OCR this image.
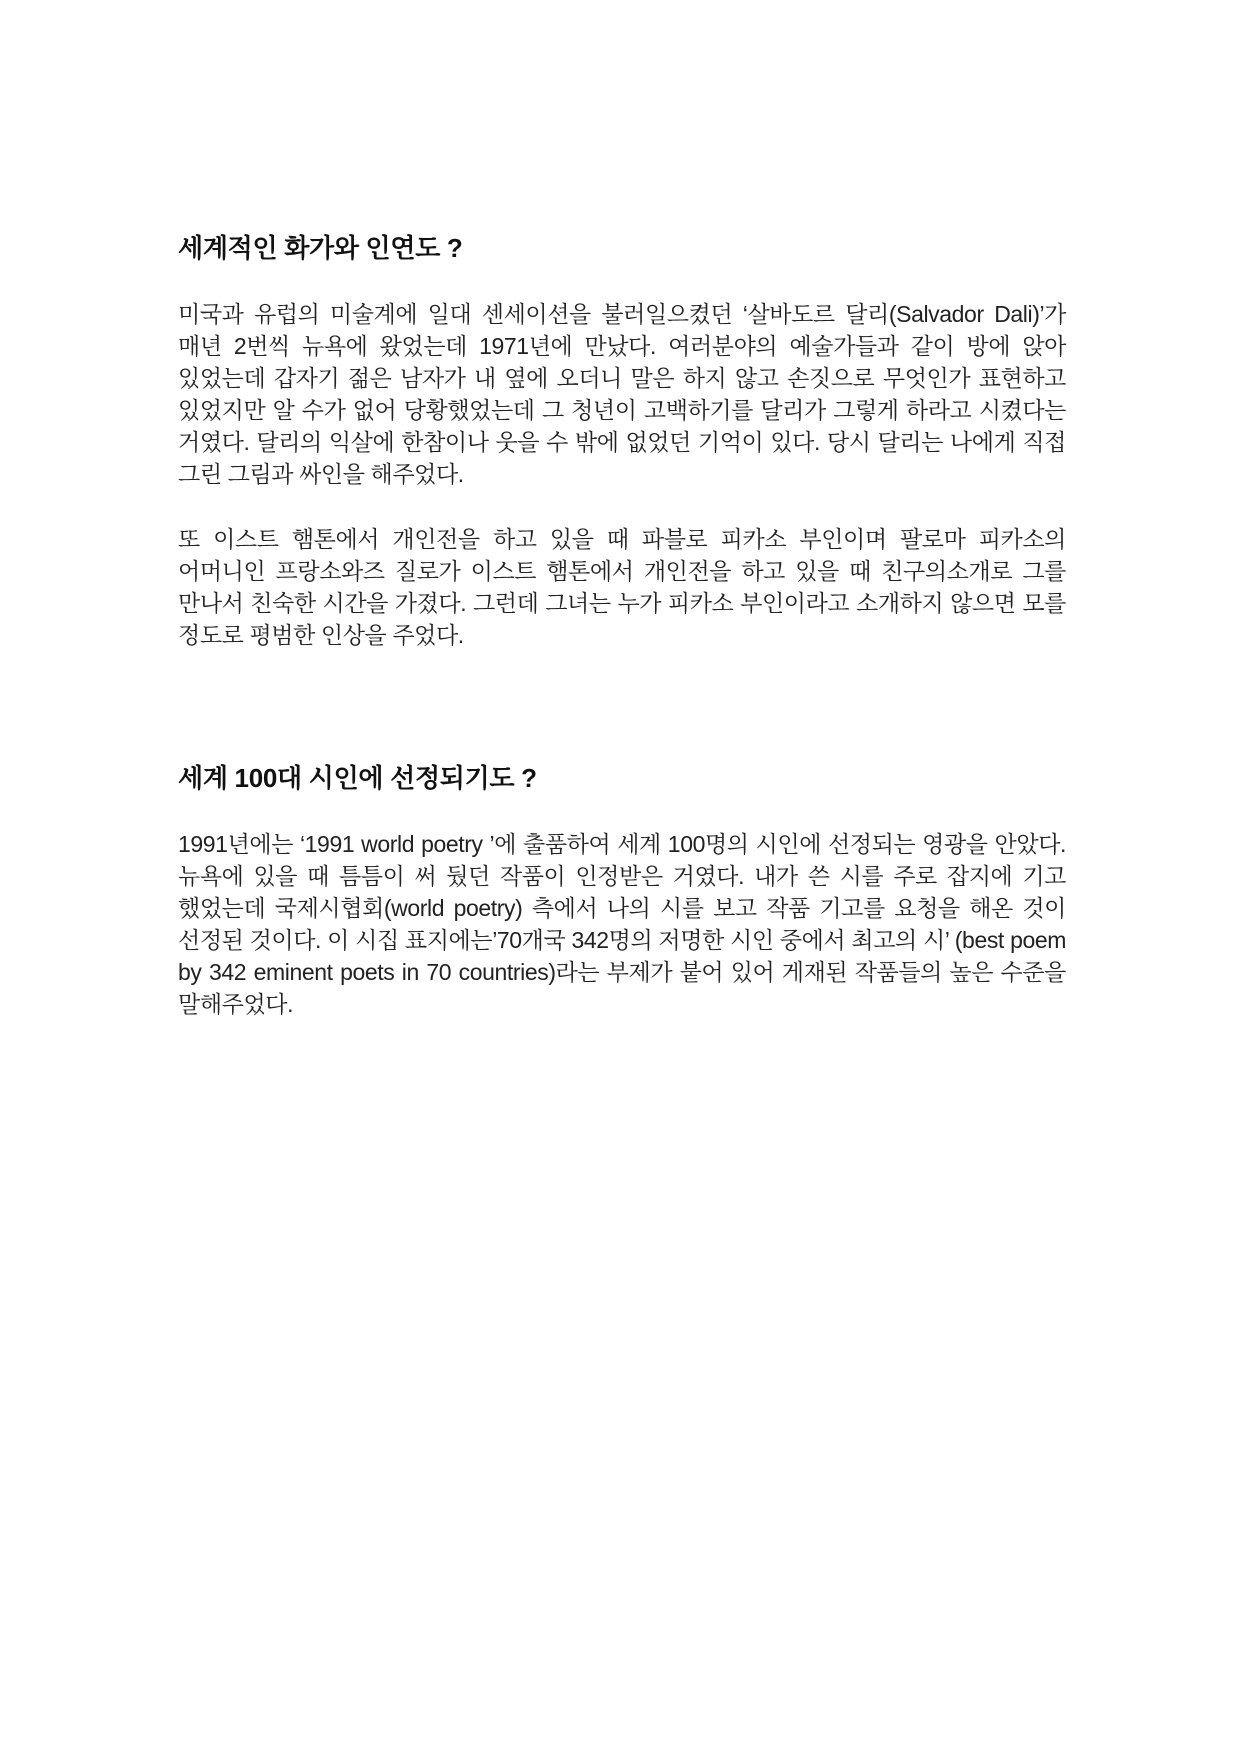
세계적인 화가와 인연도 ?

미국과 유럽의 미술계에 일대 센세이션을 불러일으켰던 ‘살바도르 달리(Salvador Dali)’가 매년 2번씩 뉴욕에 왔었는데 1971년에 만났다. 여러분야의 예술가들과 같이 방에 앉아 있었는데 갑자기 젊은 남자가 내 옆에 오더니 말은 하지 않고 손짓으로 무엇인가 표현하고 있었지만 알 수가 없어 당황했었는데 그 청년이 고백하기를 달리가 그렇게 하라고 시켰다는 거였다. 달리의 익살에 한참이나 웃을 수 밖에 없었던 기억이 있다. 당시 달리는 나에게 직접 그린 그림과 싸인을 해주었다.

또 이스트 햄톤에서 개인전을 하고 있을 때 파블로 피카소 부인이며 팔로마 피카소의 어머니인 프랑소와즈 질로가 이스트 햄톤에서 개인전을 하고 있을 때 친구의소개로 그를 만나서 친숙한 시간을 가졌다. 그런데 그녀는 누가 피카소 부인이라고 소개하지 않으면 모를 정도로 평범한 인상을 주었다.

세계 100대 시인에 선정되기도 ?

1991년에는 ‘1991 world poetry ’에 출품하여 세계 100명의 시인에 선정되는 영광을 안았다. 뉴욕에 있을 때 틈틈이 써 뒀던 작품이 인정받은 거였다. 내가 쓴 시를 주로 잡지에 기고 했었는데 국제시협회(world poetry) 측에서 나의 시를 보고 작품 기고를 요청을 해온 것이 선정된 것이다. 이 시집 표지에는’70개국 342명의 저명한 시인 중에서 최고의 시’ (best poem by 342 eminent poets in 70 countries)라는 부제가 붙어 있어 게재된 작품들의 높은 수준을 말해주었다.
